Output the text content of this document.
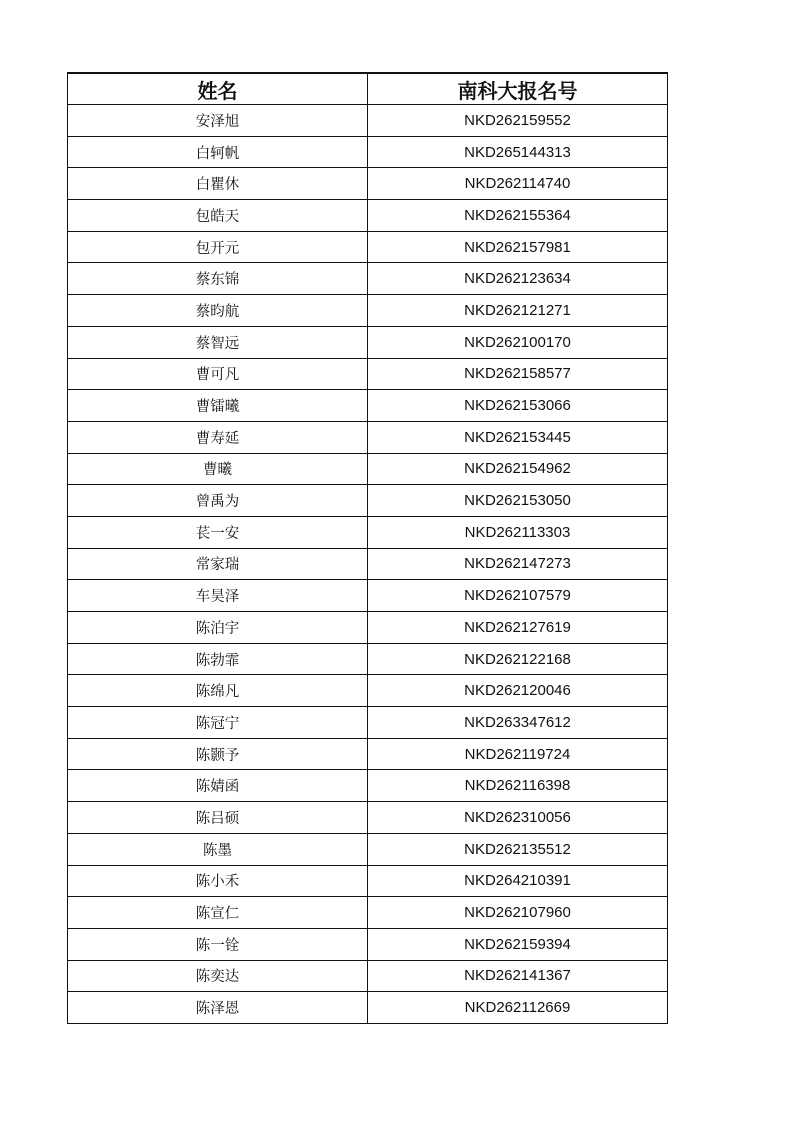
姓名	南科大报名号
安泽旭	NKD262159552
白轲帆	NKD265144313
白瞿休	NKD262114740
包皓天	NKD262155364
包开元	NKD262157981
蔡东锦	NKD262123634
蔡昀航	NKD262121271
蔡智远	NKD262100170
曹可凡	NKD262158577
曹镭曦	NKD262153066
曹寿延	NKD262153445
曹曦	NKD262154962
曾禹为	NKD262153050
苌一安	NKD262113303
常家瑞	NKD262147273
车昊泽	NKD262107579
陈泊宇	NKD262127619
陈勃霏	NKD262122168
陈绵凡	NKD262120046
陈冠宁	NKD263347612
陈颢予	NKD262119724
陈婧函	NKD262116398
陈吕硕	NKD262310056
陈墨	NKD262135512
陈小禾	NKD264210391
陈宣仁	NKD262107960
陈一铨	NKD262159394
陈奕达	NKD262141367
陈泽恩	NKD262112669
